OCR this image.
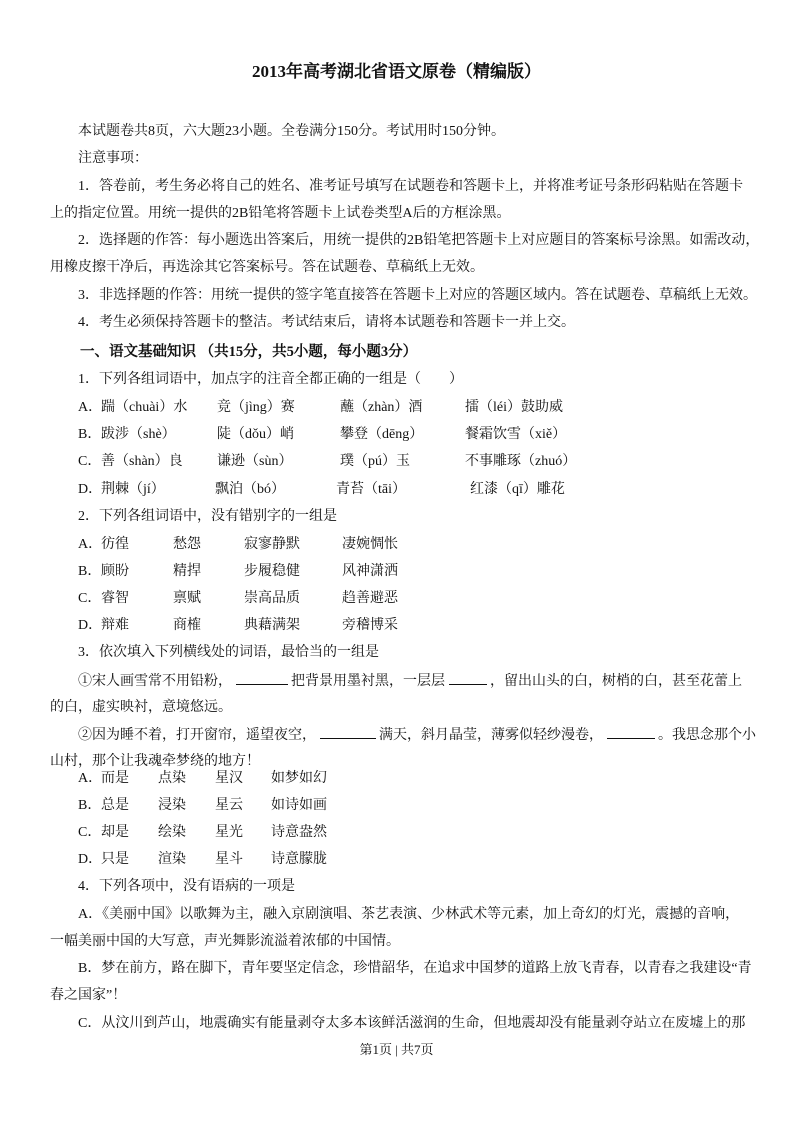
2013年高考湖北省语文原卷（精编版）
本试题卷共8页，六大题23小题。全卷满分150分。考试用时150分钟。
注意事项：
1．答卷前，考生务必将自己的姓名、准考证号填写在试题卷和答题卡上，并将准考证号条形码粘贴在答题卡
上的指定位置。用统一提供的2B铅笔将答题卡上试卷类型A后的方框涂黑。
2．选择题的作答：每小题选出答案后，用统一提供的2B铅笔把答题卡上对应题目的答案标号涂黑。如需改动，
用橡皮擦干净后，再选涂其它答案标号。答在试题卷、草稿纸上无效。
3．非选择题的作答：用统一提供的签字笔直接答在答题卡上对应的答题区域内。答在试题卷、草稿纸上无效。
4．考生必须保持答题卡的整洁。考试结束后，请将本试题卷和答题卡一并上交。
一、语文基础知识 （共15分，共5小题，每小题3分）
1．下列各组词语中，加点字的注音全都正确的一组是（　　）
A．
踹（chuài）水 竞（jìng）赛	蘸（zhàn）酒	擂（léi）鼓助威
B． 跋涉（shè）	陡（dǒu）峭	攀登（dēng）	餐霜饮雪（xiě）
C． 善（shàn）良 谦逊（sùn）	璞（pú）玉	不事雕琢（zhuó）
D．
荆棘（jí）	飘泊（bó）	青苔（tāi）	红漆（qī）雕花
2．下列各组词语中，没有错别字的一组是
A．
彷徨	愁怨	寂寥静默	凄婉惆怅
B． 顾盼	精捍	步履稳健	风神潇洒
C． 睿智	禀赋	崇高品质	趋善避恶
D．
辩难	商榷	典藉满架	旁稽博采
3．依次填入下列横线处的词语，最恰当的一组是
①宋人画雪常不用铅粉，	把背景用墨衬黑，一层层	，留出山头的白，树梢的白，甚至花蕾上
的白，虚实映衬，意境悠远。
②因为睡不着，打开窗帘，遥望夜空，	满天，斜月晶莹，薄雾似轻纱漫卷，	。我思念那个小
山村，那个让我魂牵梦绕的地方！
A．
而是 点染 星汉 如梦如幻
B． 总是 浸染 星云 如诗如画
C． 却是 绘染 星光 诗意盎然
D．
只是 渲染 星斗 诗意朦胧
4．下列各项中，没有语病的一项是
A．《美丽中国》以歌舞为主，融入京剧演唱、茶艺表演、少林武术等元素，加上奇幻的灯光，震撼的音响，
一幅美丽中国的大写意，声光舞影流溢着浓郁的中国情。
B．梦在前方，路在脚下，青年要坚定信念，珍惜韶华，在追求中国梦的道路上放飞青春，以青春之我建设“青
春之国家”！
C．从汶川到芦山，地震确实有能量剥夺太多本该鲜活滋润的生命，但地震却没有能量剥夺站立在废墟上的那
第1页 | 共7页
